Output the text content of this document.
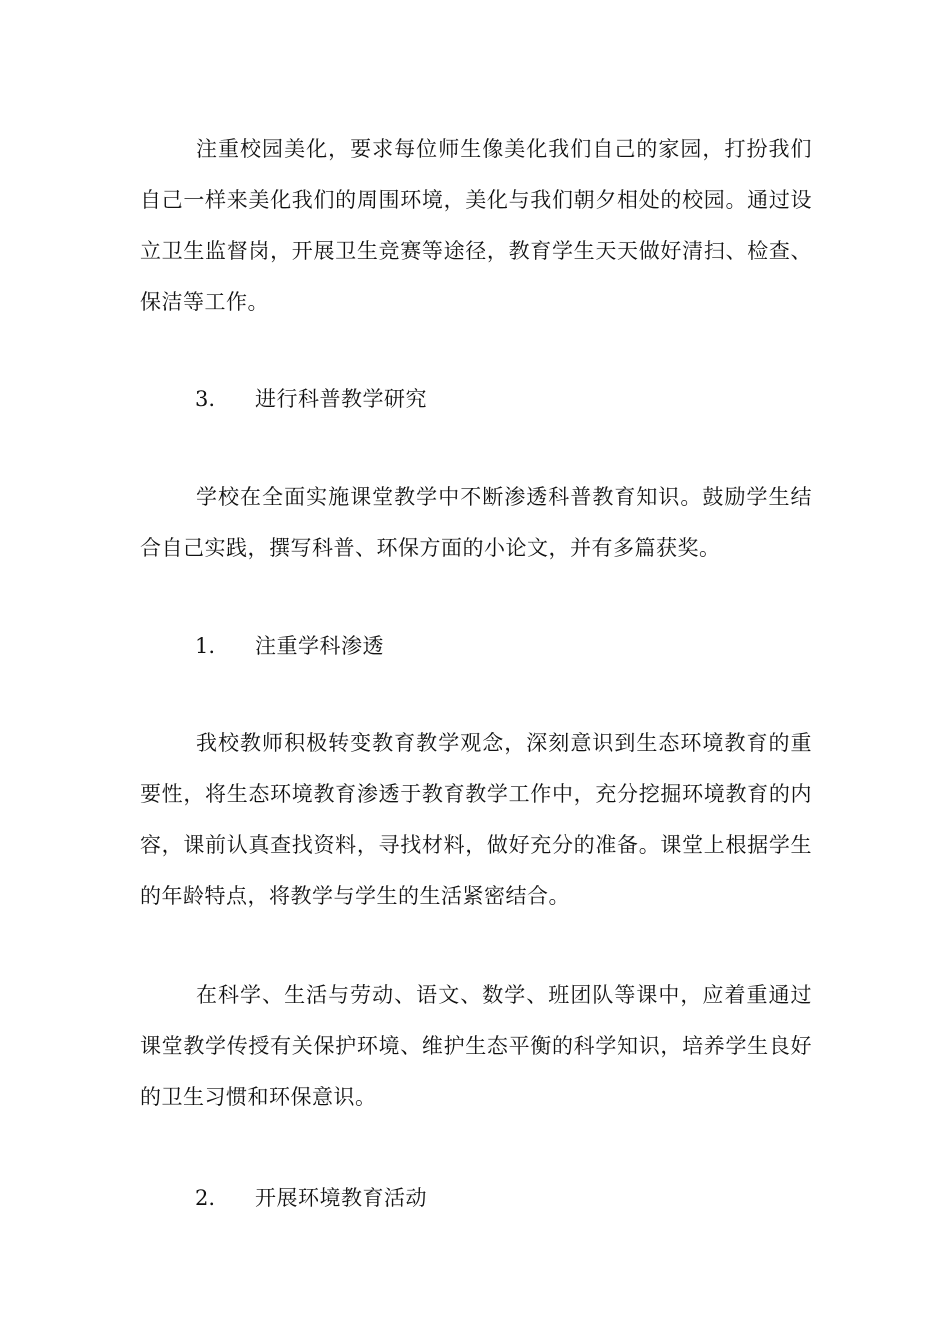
注重校园美化，要求每位师生像美化我们自己的家园，打扮我们自己一样来美化我们的周围环境，美化与我们朝夕相处的校园。通过设立卫生监督岗，开展卫生竞赛等途径，教育学生天天做好清扫、检查、保洁等工作。

3. 进行科普教学研究

学校在全面实施课堂教学中不断渗透科普教育知识。鼓励学生结合自己实践，撰写科普、环保方面的小论文，并有多篇获奖。

1. 注重学科渗透

我校教师积极转变教育教学观念，深刻意识到生态环境教育的重要性，将生态环境教育渗透于教育教学工作中，充分挖掘环境教育的内容，课前认真查找资料，寻找材料，做好充分的准备。课堂上根据学生的年龄特点，将教学与学生的生活紧密结合。

在科学、生活与劳动、语文、数学、班团队等课中，应着重通过课堂教学传授有关保护环境、维护生态平衡的科学知识，培养学生良好的卫生习惯和环保意识。

2. 开展环境教育活动
